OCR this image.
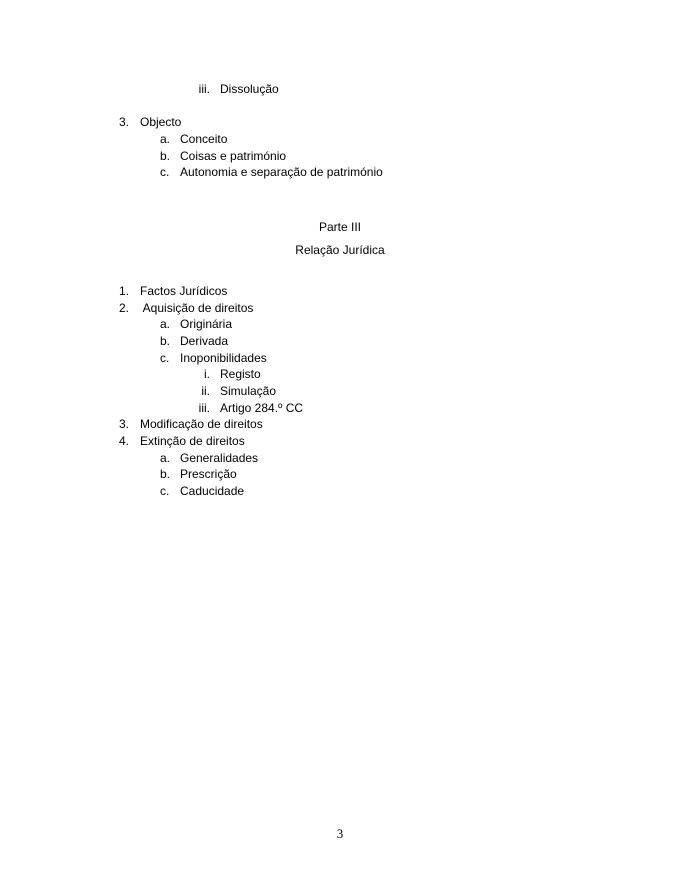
iii. Dissolução
3. Objecto
a. Conceito
b. Coisas e património
c. Autonomia e separação de património
Parte III
Relação Jurídica
1. Factos Jurídicos
2. Aquisição de direitos
a. Originária
b. Derivada
c. Inoponibilidades
i. Registo
ii. Simulação
iii. Artigo 284.º CC
3. Modificação de direitos
4. Extinção de direitos
a. Generalidades
b. Prescrição
c. Caducidade
3
